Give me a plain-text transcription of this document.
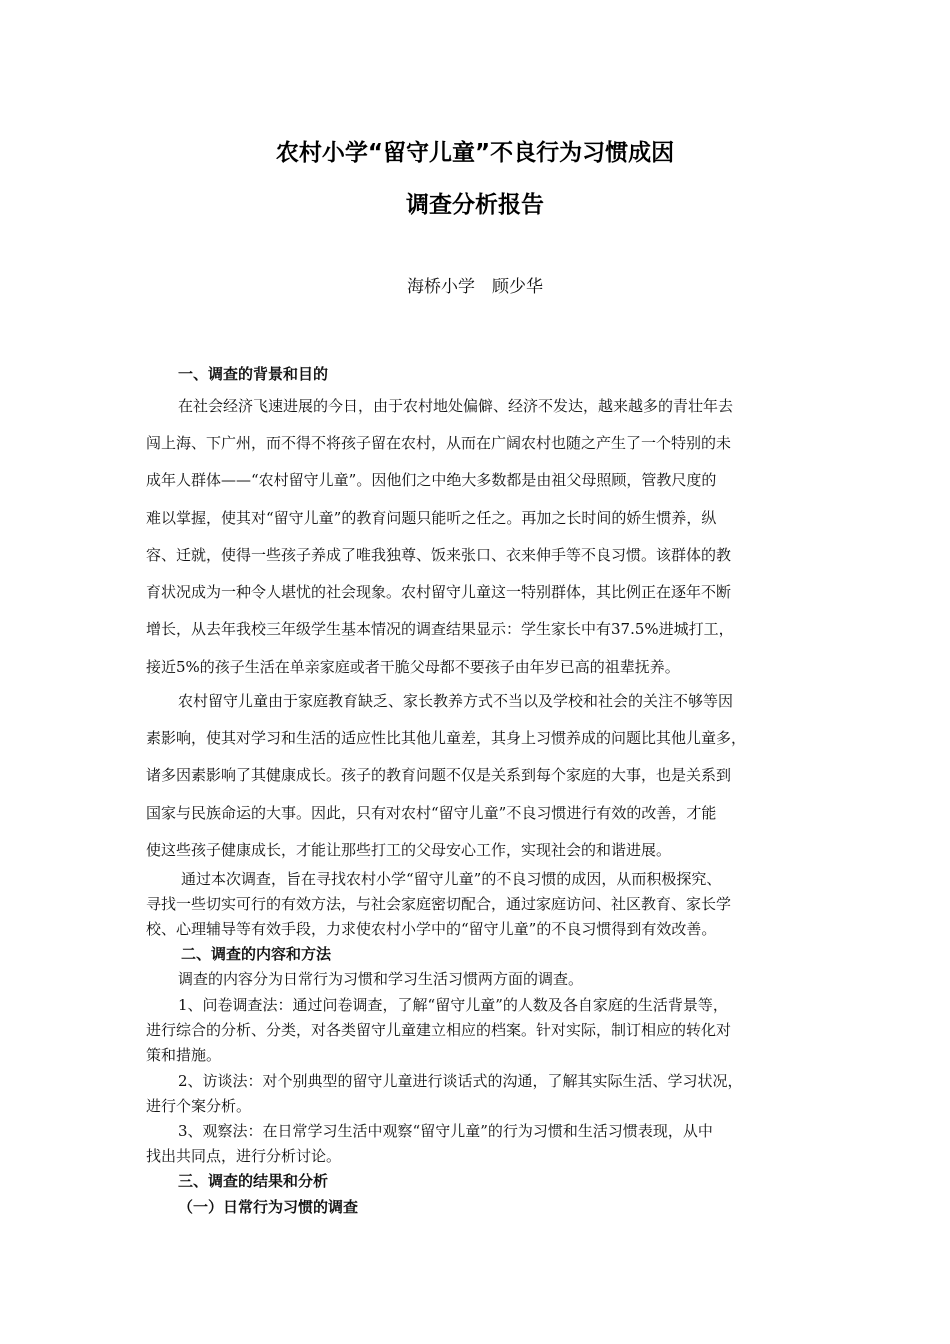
农村小学“留守儿童”不良行为习惯成因
调查分析报告
海桥小学　顾少华
一、调查的背景和目的
在社会经济飞速进展的今日，由于农村地处偏僻、经济不发达，越来越多的青壮年去
闯上海、下广州，而不得不将孩子留在农村，从而在广阔农村也随之产生了一个特别的未
成年人群体——“农村留守儿童”。因他们之中绝大多数都是由祖父母照顾，管教尺度的
难以掌握，使其对“留守儿童”的教育问题只能听之任之。再加之长时间的娇生惯养，纵
容、迁就，使得一些孩子养成了唯我独尊、饭来张口、衣来伸手等不良习惯。该群体的教
育状况成为一种令人堪忧的社会现象。农村留守儿童这一特别群体，其比例正在逐年不断
增长，从去年我校三年级学生基本情况的调查结果显示：学生家长中有37.5%进城打工，
接近5%的孩子生活在单亲家庭或者干脆父母都不要孩子由年岁已高的祖辈抚养。
农村留守儿童由于家庭教育缺乏、家长教养方式不当以及学校和社会的关注不够等因
素影响，使其对学习和生活的适应性比其他儿童差，其身上习惯养成的问题比其他儿童多，
诸多因素影响了其健康成长。孩子的教育问题不仅是关系到每个家庭的大事，也是关系到
国家与民族命运的大事。因此，只有对农村“留守儿童”不良习惯进行有效的改善，才能
使这些孩子健康成长，才能让那些打工的父母安心工作，实现社会的和谐进展。
通过本次调查，旨在寻找农村小学“留守儿童”的不良习惯的成因，从而积极探究、
寻找一些切实可行的有效方法，与社会家庭密切配合，通过家庭访问、社区教育、家长学
校、心理辅导等有效手段，力求使农村小学中的“留守儿童”的不良习惯得到有效改善。
二、调查的内容和方法
调查的内容分为日常行为习惯和学习生活习惯两方面的调查。
1、问卷调查法：通过问卷调查，了解“留守儿童”的人数及各自家庭的生活背景等，
进行综合的分析、分类，对各类留守儿童建立相应的档案。针对实际，制订相应的转化对
策和措施。
2、访谈法：对个别典型的留守儿童进行谈话式的沟通，了解其实际生活、学习状况，
进行个案分析。
3、观察法：在日常学习生活中观察“留守儿童”的行为习惯和生活习惯表现，从中
找出共同点，进行分析讨论。
三、调查的结果和分析
（一）日常行为习惯的调查
